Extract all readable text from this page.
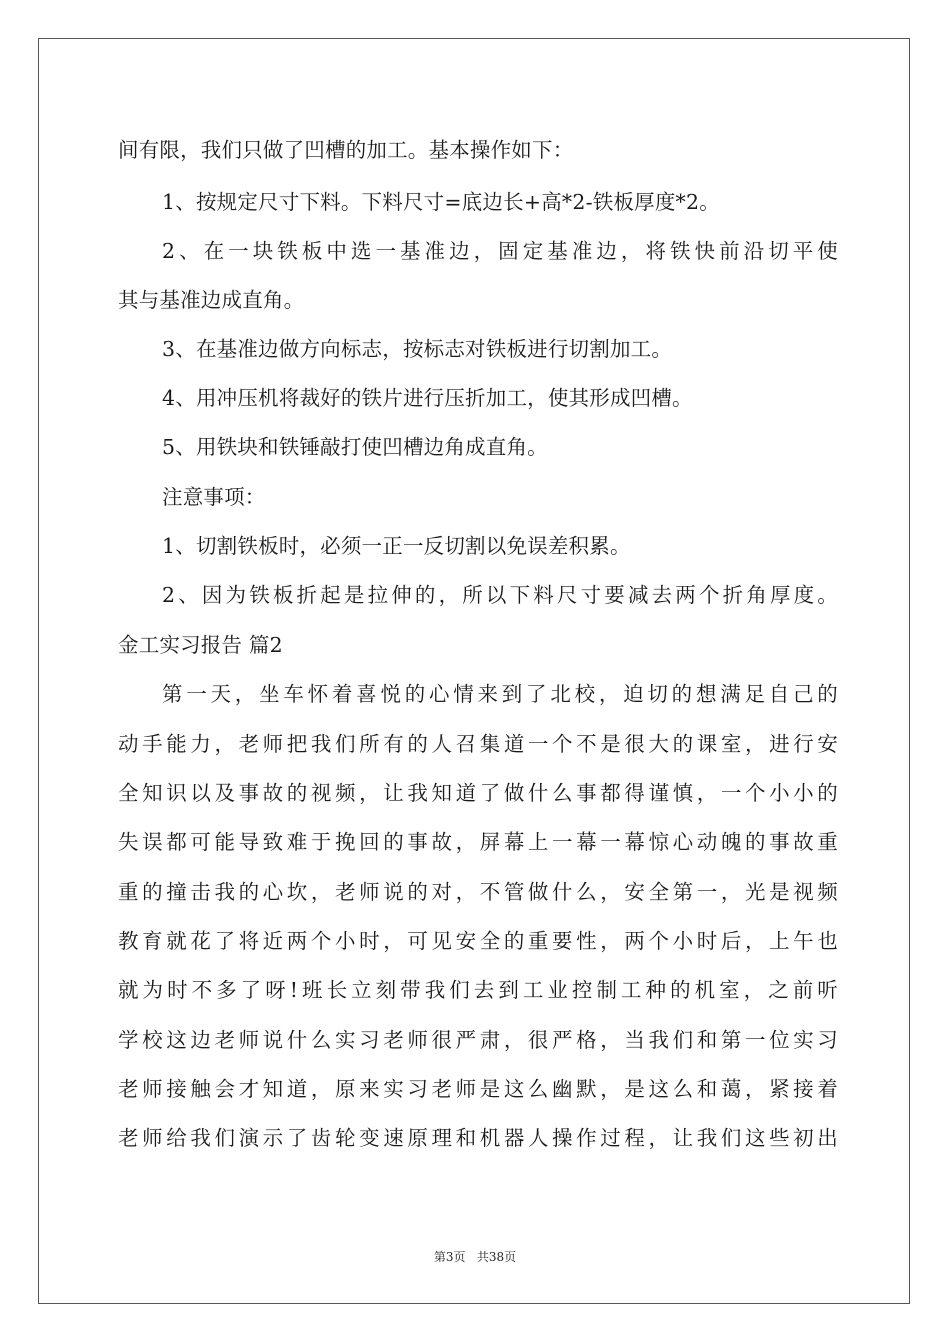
间有限，我们只做了凹槽的加工。基本操作如下：

1、按规定尺寸下料。下料尺寸=底边长+高*2-铁板厚度*2。

2、在一块铁板中选一基准边，固定基准边，将铁快前沿切平使

其与基准边成直角。

3、在基准边做方向标志，按标志对铁板进行切割加工。

4、用冲压机将裁好的铁片进行压折加工，使其形成凹槽。

5、用铁块和铁锤敲打使凹槽边角成直角。

注意事项：

1、切割铁板时，必须一正一反切割以免误差积累。

2、因为铁板折起是拉伸的，所以下料尺寸要减去两个折角厚度。

金工实习报告 篇2

第一天，坐车怀着喜悦的心情来到了北校，迫切的想满足自己的

动手能力，老师把我们所有的人召集道一个不是很大的课室，进行安

全知识以及事故的视频，让我知道了做什么事都得谨慎，一个小小的

失误都可能导致难于挽回的事故，屏幕上一幕一幕惊心动魄的事故重

重的撞击我的心坎，老师说的对，不管做什么，安全第一，光是视频

教育就花了将近两个小时，可见安全的重要性，两个小时后，上午也

就为时不多了呀!班长立刻带我们去到工业控制工种的机室，之前听

学校这边老师说什么实习老师很严肃，很严格，当我们和第一位实习

老师接触会才知道，原来实习老师是这么幽默，是这么和蔼，紧接着

老师给我们演示了齿轮变速原理和机器人操作过程，让我们这些初出

第3页 共38页
